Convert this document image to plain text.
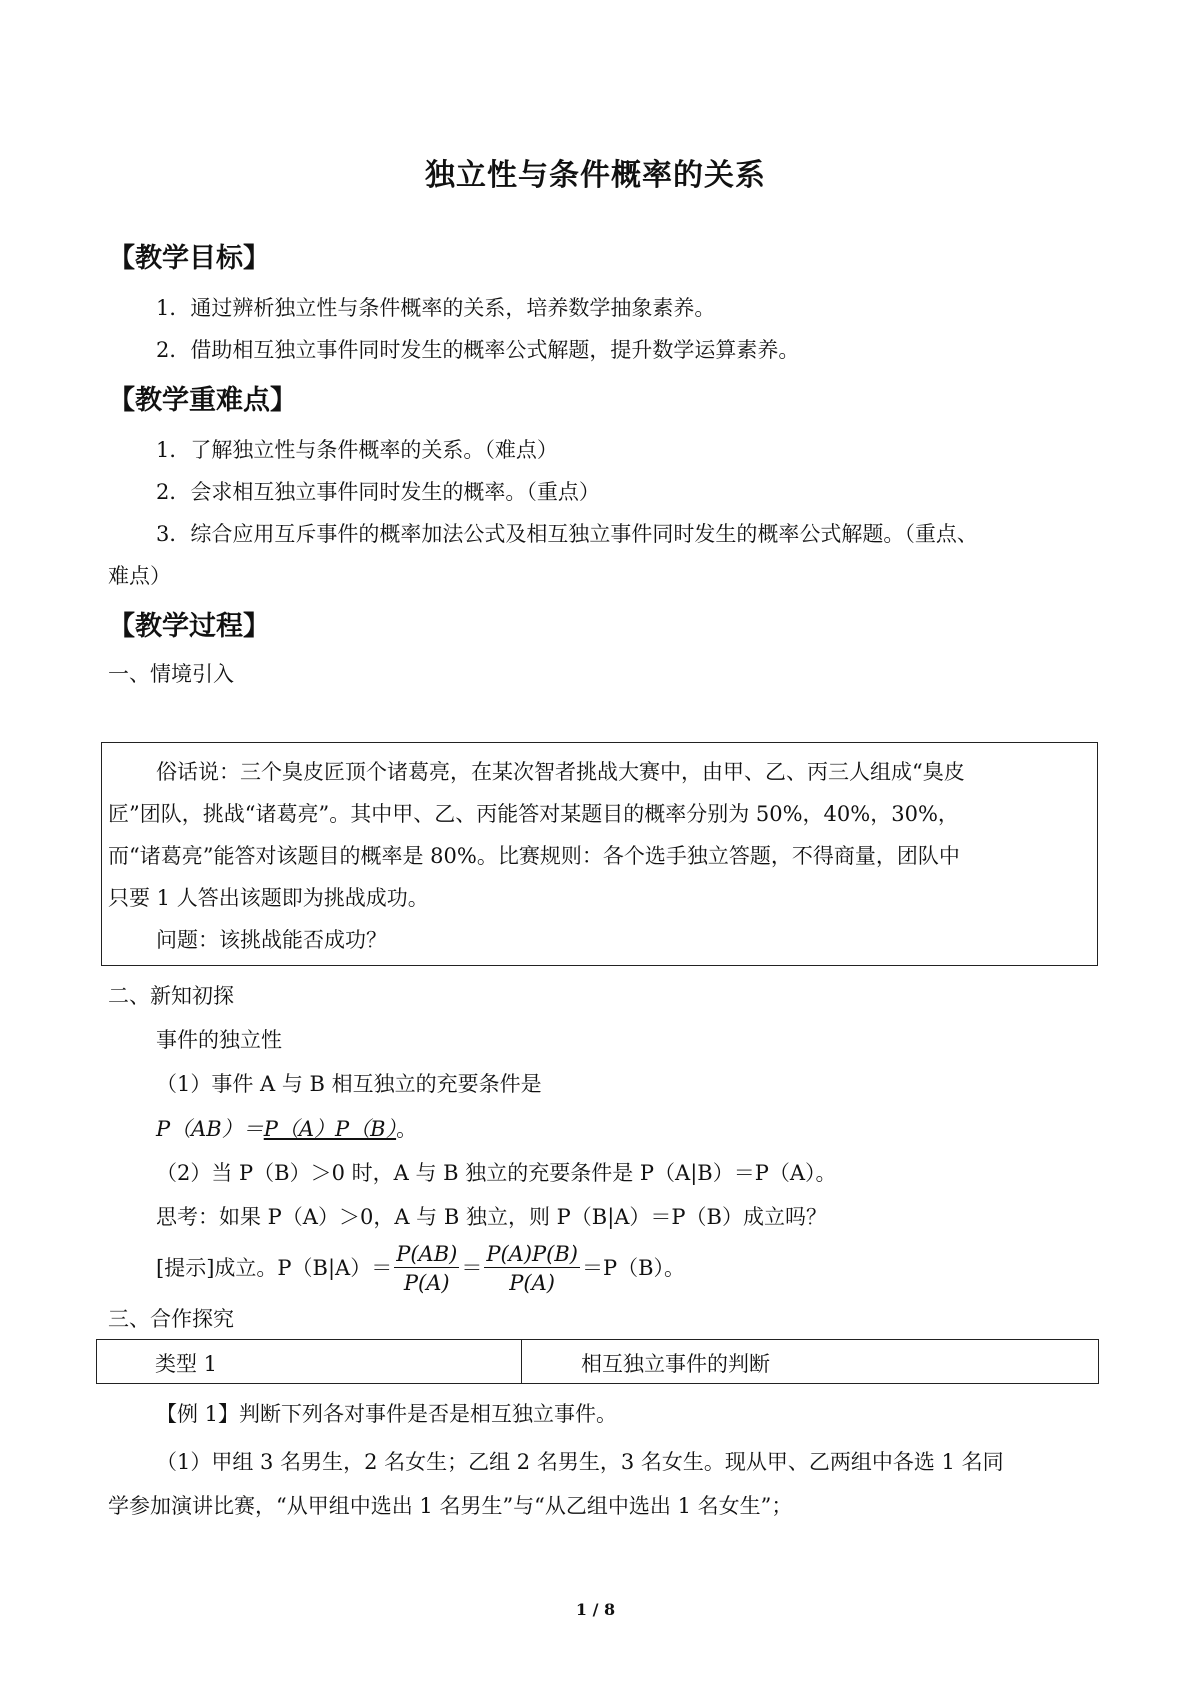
独立性与条件概率的关系
【教学目标】
1．通过辨析独立性与条件概率的关系，培养数学抽象素养。
2．借助相互独立事件同时发生的概率公式解题，提升数学运算素养。
【教学重难点】
1．了解独立性与条件概率的关系。（难点）
2．会求相互独立事件同时发生的概率。（重点）
3．综合应用互斥事件的概率加法公式及相互独立事件同时发生的概率公式解题。（重点、
难点）
【教学过程】
一、情境引入
俗话说：三个臭皮匠顶个诸葛亮，在某次智者挑战大赛中，由甲、乙、丙三人组成“臭皮
匠”团队，挑战“诸葛亮”。其中甲、乙、丙能答对某题目的概率分别为 50%，40%，30%，
而“诸葛亮”能答对该题目的概率是 80%。比赛规则：各个选手独立答题，不得商量，团队中
只要 1 人答出该题即为挑战成功。
问题：该挑战能否成功？
二、新知初探
事件的独立性
（1）事件 A 与 B 相互独立的充要条件是
P（AB）＝P（A）P（B）。
（2）当 P（B）＞0 时，A 与 B 独立的充要条件是 P（A|B）＝P（A）。
思考：如果 P（A）＞0，A 与 B 独立，则 P（B|A）＝P（B）成立吗？
[提示]成立。$P(B|A)= \frac{P(AB)}{P(A)} = \frac{P(A)P(B)}{P(A)} =P(B)$。
三、合作探究
类型 1	相互独立事件的判断
【例 1】判断下列各对事件是否是相互独立事件。
（1）甲组 3 名男生，2 名女生；乙组 2 名男生，3 名女生。现从甲、乙两组中各选 1 名同
学参加演讲比赛，“从甲组中选出 1 名男生”与“从乙组中选出 1 名女生”；
1 / 8
